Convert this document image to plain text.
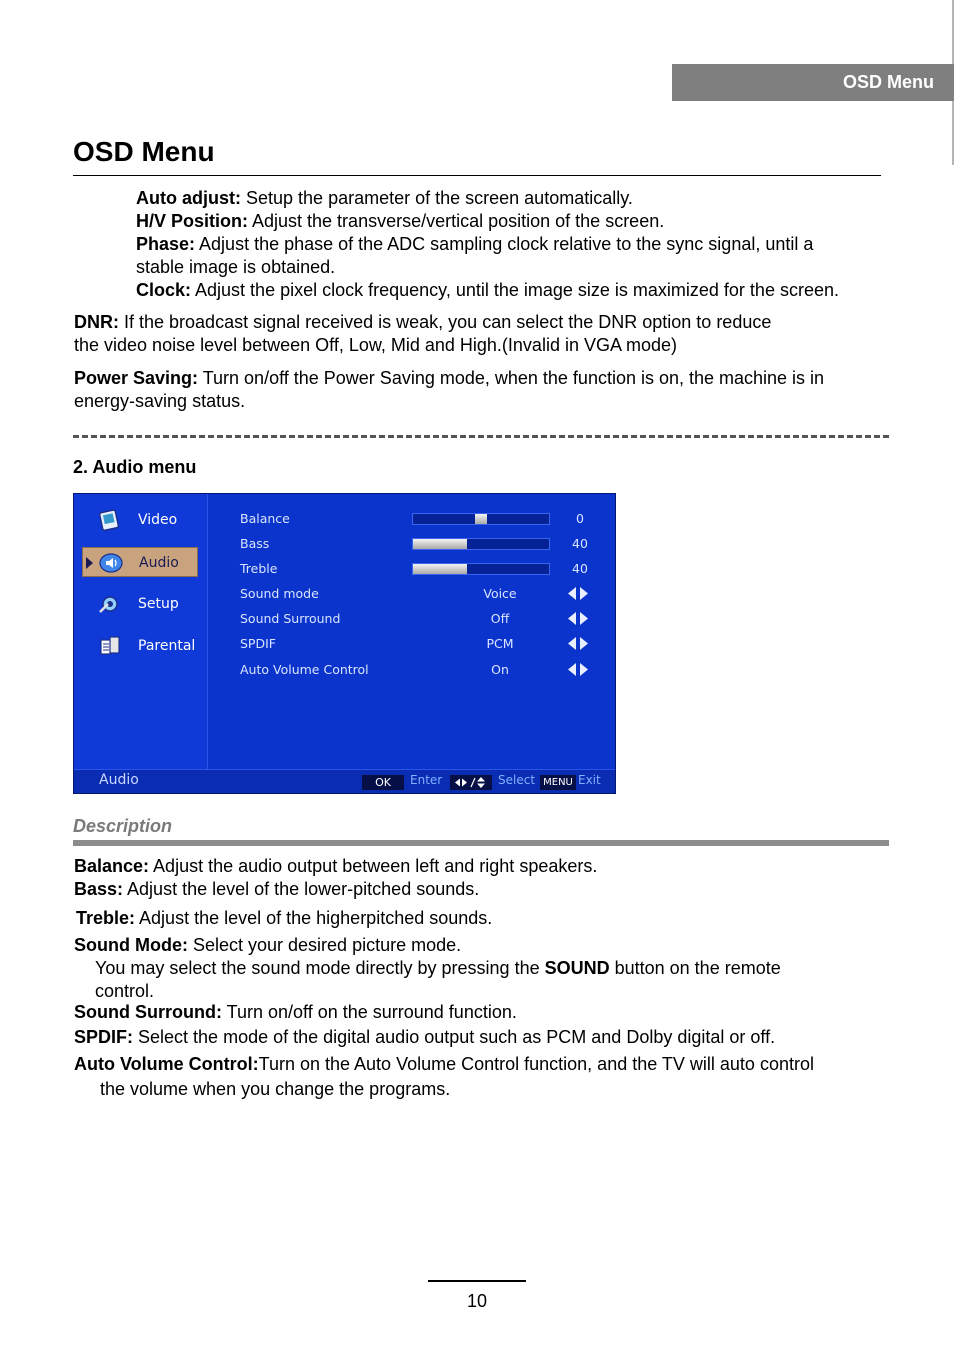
OSD Menu
OSD Menu
Auto adjust: Setup the parameter of the screen automatically.
H/V Position: Adjust the transverse/vertical position of the screen.
Phase: Adjust the phase of the ADC sampling clock relative to the sync signal, until a
stable image is obtained.
Clock: Adjust the pixel clock frequency, until the image size is maximized for the screen.
DNR: If the broadcast signal received is weak, you can select the DNR option to reduce
the video noise level between Off, Low, Mid and High.(Invalid in VGA mode)
Power Saving: Turn on/off the Power Saving mode, when the function is on, the machine is in
energy-saving status.
2. Audio menu
Video
Audio
Setup
Parental
Balance	0
Bass	40
Treble	40
Sound mode	Voice
Sound Surround	Off
SPDIF	PCM
Auto Volume Control	On
Audio	OK	Enter	Select MENU Exit
Description
Balance: Adjust the audio output between left and right speakers.
Bass: Adjust the level of the lower-pitched sounds.
Treble: Adjust the level of the higherpitched sounds.
Sound Mode: Select your desired picture mode.
You may select the sound mode directly by pressing the SOUND button on the remote
control.
Sound Surround: Turn on/off on the surround function.
SPDIF: Select the mode of the digital audio output such as PCM and Dolby digital or off.
Auto Volume Control:Turn on the Auto Volume Control function, and the TV will auto control
the volume when you change the programs.
10
